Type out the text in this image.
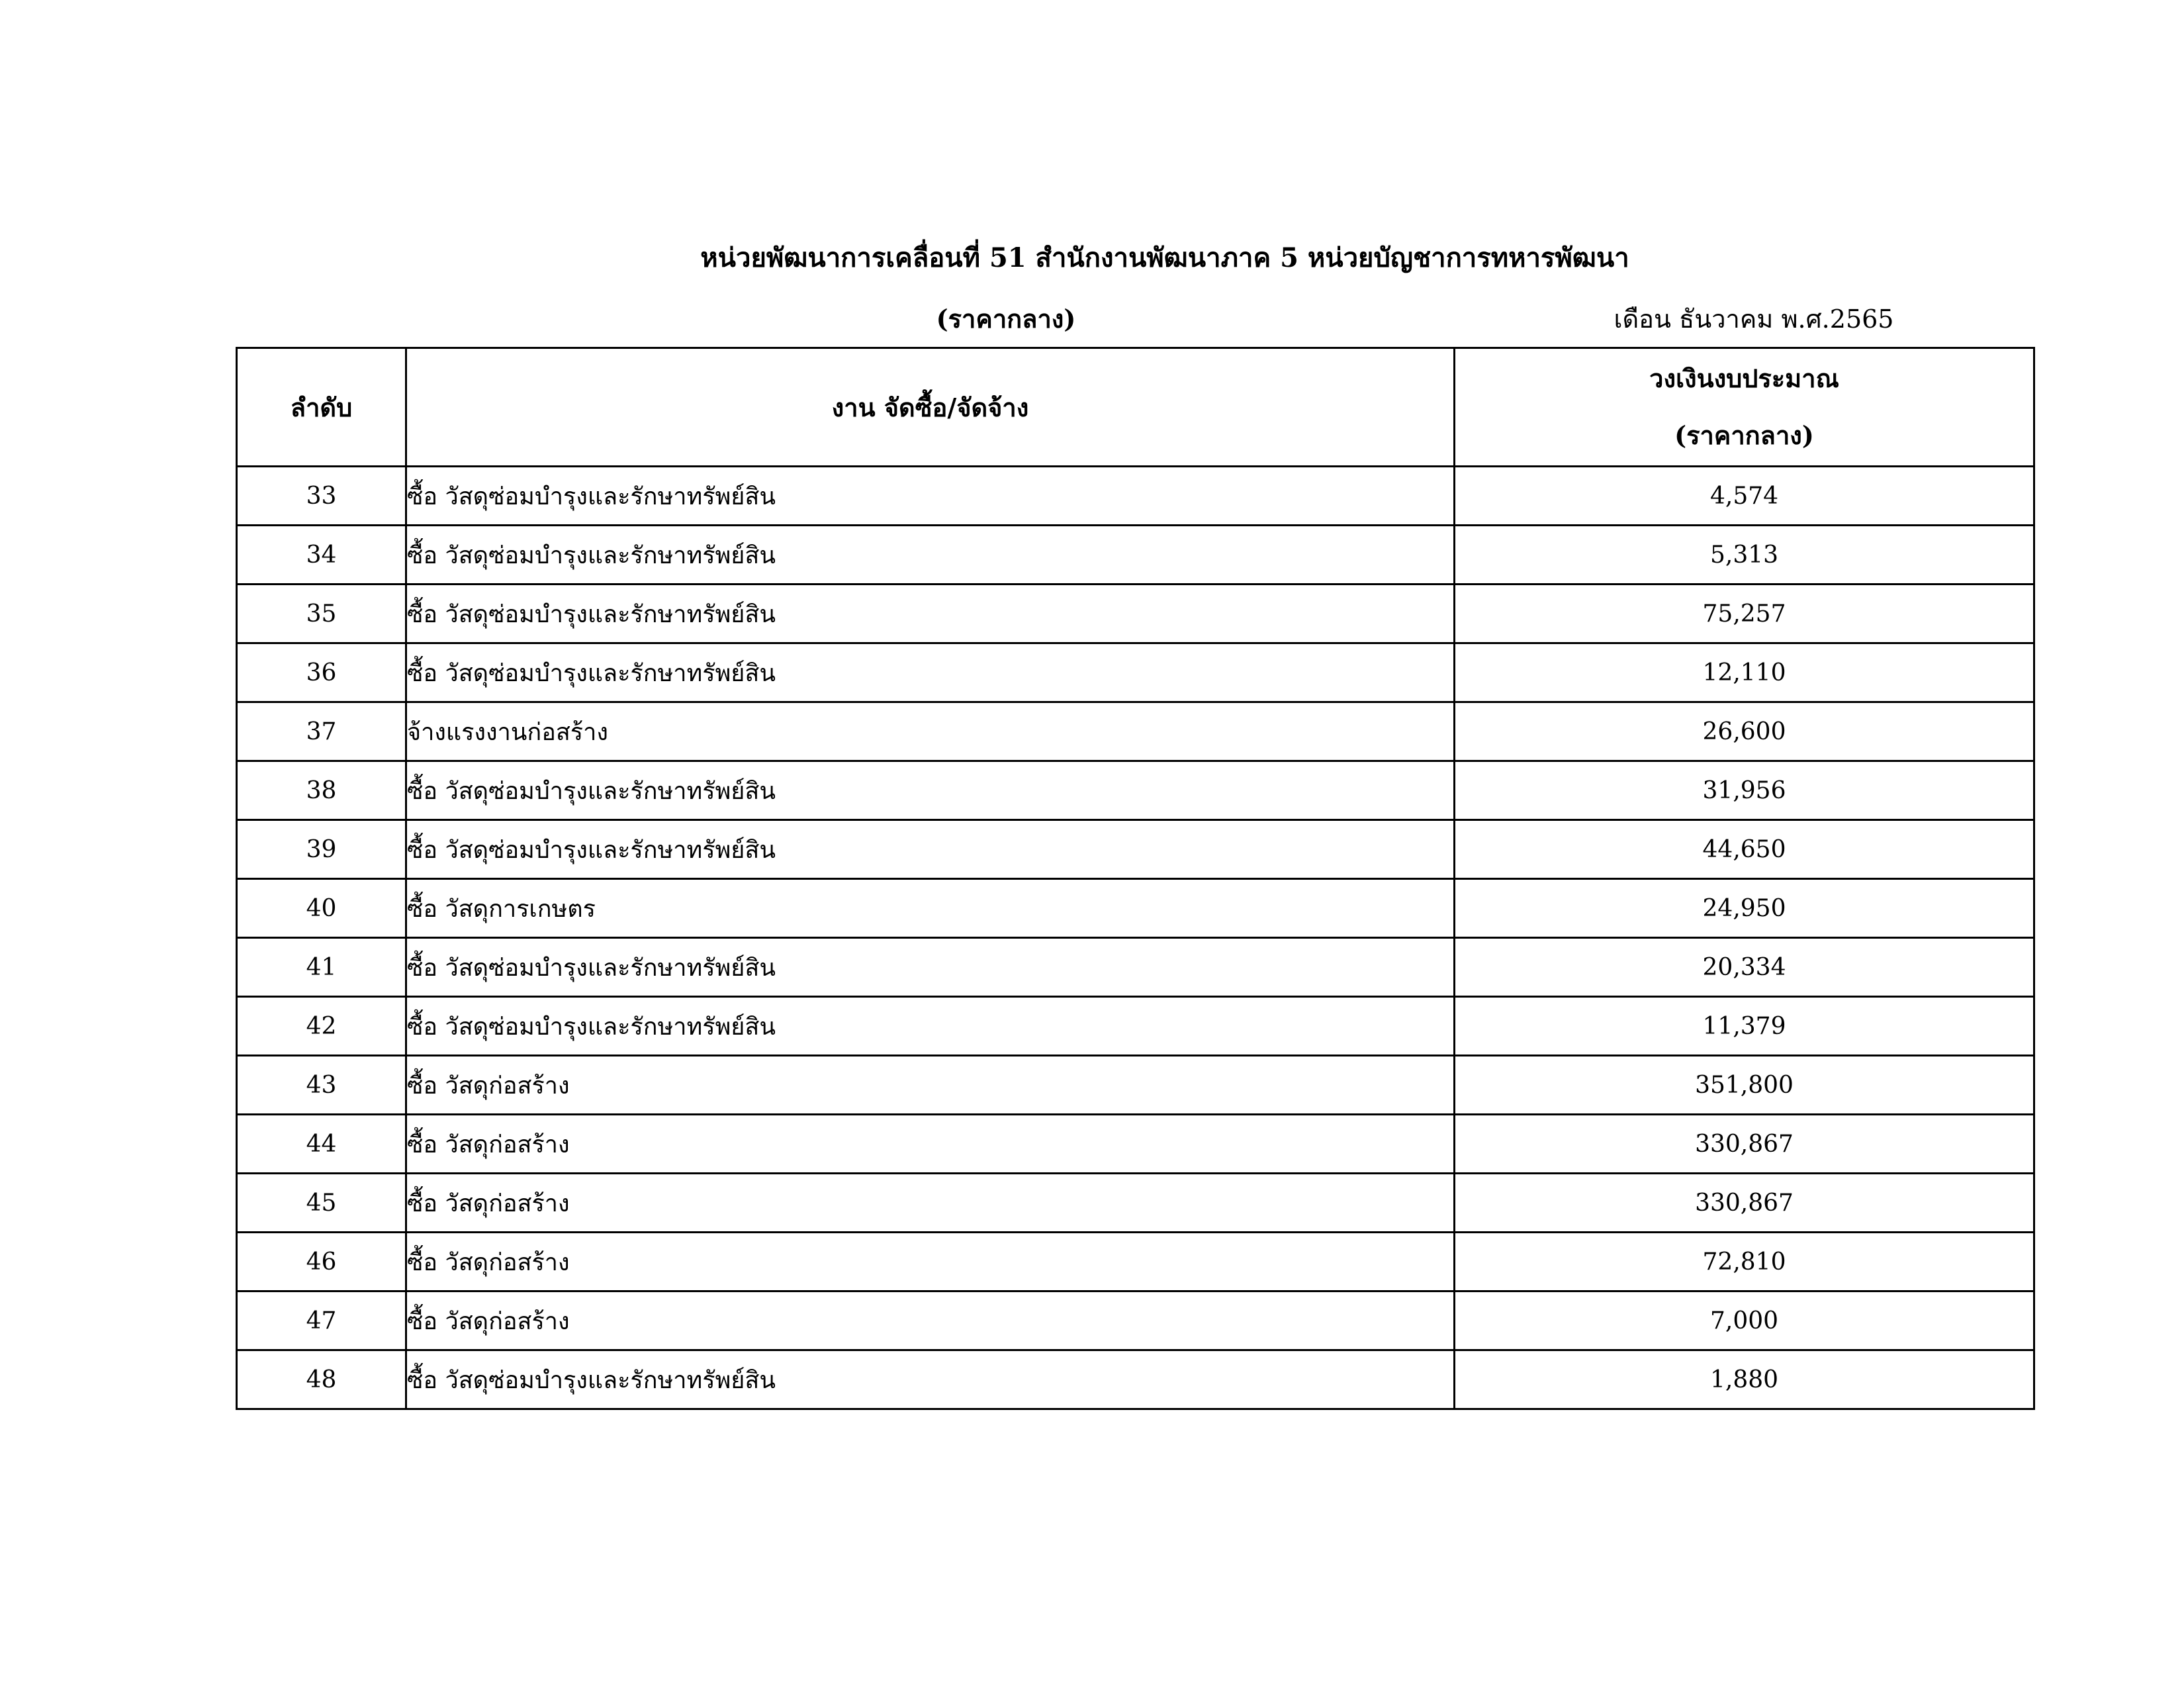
หน่วยพัฒนาการเคลื่อนที่ 51 สำนักงานพัฒนาภาค 5 หน่วยบัญชาการทหารพัฒนา
(ราคากลาง)	เดือน ธันวาคม พ.ศ.2565
ลำดับ	งาน จัดซื้อ/จัดจ้าง	วงเงินงบประมาณ
(ราคากลาง)

33	ซื้อ วัสดุซ่อมบำรุงและรักษาทรัพย์สิน	4,574
34	ซื้อ วัสดุซ่อมบำรุงและรักษาทรัพย์สิน	5,313
35	ซื้อ วัสดุซ่อมบำรุงและรักษาทรัพย์สิน	75,257
36	ซื้อ วัสดุซ่อมบำรุงและรักษาทรัพย์สิน	12,110
37	จ้างแรงงานก่อสร้าง	26,600
38	ซื้อ วัสดุซ่อมบำรุงและรักษาทรัพย์สิน	31,956
39	ซื้อ วัสดุซ่อมบำรุงและรักษาทรัพย์สิน	44,650
40	ซื้อ วัสดุการเกษตร	24,950
41	ซื้อ วัสดุซ่อมบำรุงและรักษาทรัพย์สิน	20,334
42	ซื้อ วัสดุซ่อมบำรุงและรักษาทรัพย์สิน	11,379
43	ซื้อ วัสดุก่อสร้าง	351,800
44	ซื้อ วัสดุก่อสร้าง	330,867
45	ซื้อ วัสดุก่อสร้าง	330,867
46	ซื้อ วัสดุก่อสร้าง	72,810
47	ซื้อ วัสดุก่อสร้าง	7,000
48	ซื้อ วัสดุซ่อมบำรุงและรักษาทรัพย์สิน	1,880
